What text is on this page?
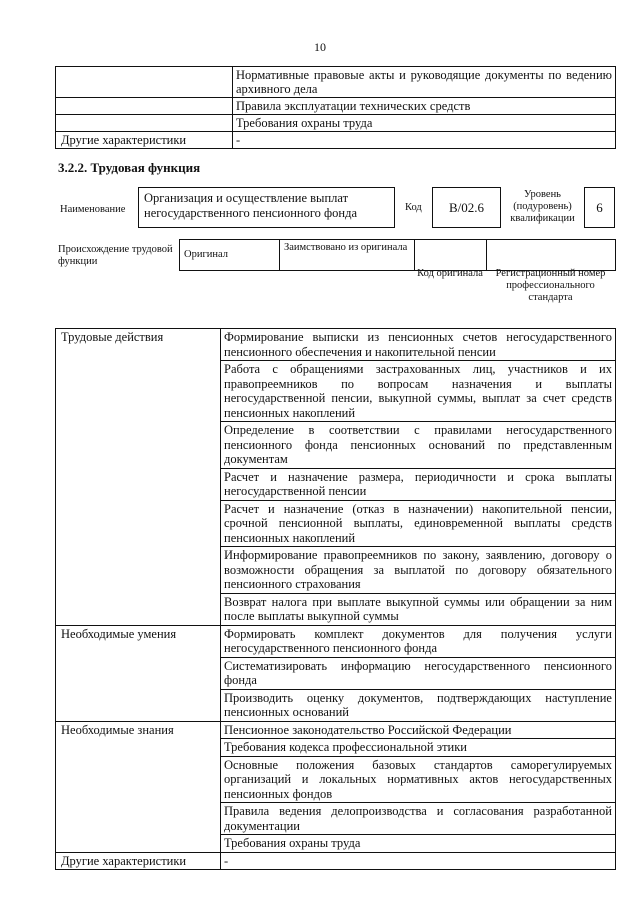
10
	Нормативные правовые акты и руководящие документы по ведению архивного дела
	Правила эксплуатации технических средств
	Требования охраны труда
Другие характеристики	-
3.2.2. Трудовая функция
Наименование
Организация и осуществление выплат негосударственного пенсионного фонда	Код	B/02.6
Уровень (подуровень) квалификации
6
Происхождение трудовой функции
Оригинал	Заимствовано из оригинала		
Код оригинала	Регистрационный номер профессионального стандарта
Трудовые действия	Формирование выписки из пенсионных счетов негосударственного пенсионного обеспечения и накопительной пенсии
	Работа с обращениями застрахованных лиц, участников и их правопреемников по вопросам назначения и выплаты негосударственной пенсии, выкупной суммы, выплат за счет средств пенсионных накоплений
	Определение в соответствии с правилами негосударственного пенсионного фонда пенсионных оснований по представленным документам
	Расчет и назначение размера, периодичности и срока выплаты негосударственной пенсии
	Расчет и назначение (отказ в назначении) накопительной пенсии, срочной пенсионной выплаты, единовременной выплаты средств пенсионных накоплений
	Информирование правопреемников по закону, заявлению, договору о возможности обращения за выплатой по договору обязательного пенсионного страхования
	Возврат налога при выплате выкупной суммы или обращении за ним после выплаты выкупной суммы
Необходимые умения	Формировать комплект документов для получения услуги негосударственного пенсионного фонда
	Систематизировать информацию негосударственного пенсионного фонда
	Производить оценку документов, подтверждающих наступление пенсионных оснований
Необходимые знания	Пенсионное законодательство Российской Федерации
	Требования кодекса профессиональной этики
	Основные положения базовых стандартов саморегулируемых организаций и локальных нормативных актов негосударственных пенсионных фондов
	Правила ведения делопроизводства и согласования разработанной документации
	Требования охраны труда
Другие характеристики	-
